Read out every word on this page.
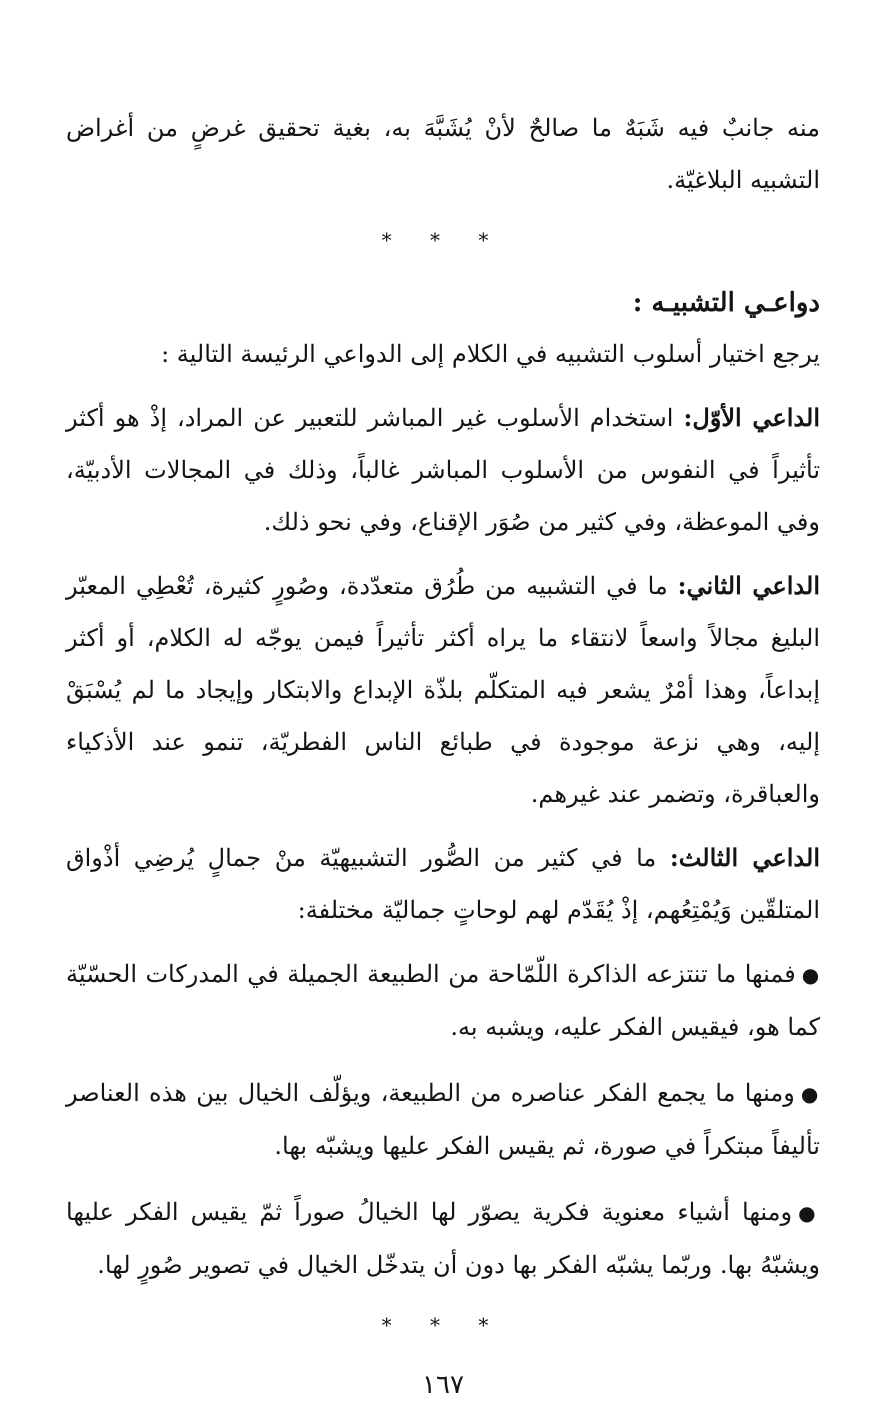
منه جانبٌ فيه شَبَهٌ ما صالحٌ لأنْ يُشَبَّهَ به، بغية تحقيق غرضٍ من أغراض التشبيه البلاغيّة.

* * *
دواعـي التشبيـه :

يرجع اختيار أسلوب التشبيه في الكلام إلى الدواعي الرئيسة التالية :

الداعي الأوّل: استخدام الأسلوب غير المباشر للتعبير عن المراد، إذْ هو أكثر تأثيراً في النفوس من الأسلوب المباشر غالباً، وذلك في المجالات الأدبيّة، وفي الموعظة، وفي كثير من صُوَر الإقناع، وفي نحو ذلك.

الداعي الثاني: ما في التشبيه من طُرُق متعدّدة، وصُورٍ كثيرة، تُعْطِي المعبّر البليغ مجالاً واسعاً لانتقاء ما يراه أكثر تأثيراً فيمن يوجّه له الكلام، أو أكثر إبداعاً، وهذا أمْرٌ يشعر فيه المتكلّم بلذّة الإبداع والابتكار وإيجاد ما لم يُسْبَقْ إليه، وهي نزعة موجودة في طبائع الناس الفطريّة، تنمو عند الأذكياء والعباقرة، وتضمر عند غيرهم.

الداعي الثالث: ما في كثير من الصُّور التشبيهيّة منْ جمالٍ يُرضِي أذْواق المتلقّين وَيُمْتِعُهم، إذْ يُقَدّم لهم لوحاتٍ جماليّة مختلفة:

●فمنها ما تنتزعه الذاكرة اللّمّاحة من الطبيعة الجميلة في المدركات الحسّيّة كما هو، فيقيس الفكر عليه، ويشبه به.

●ومنها ما يجمع الفكر عناصره من الطبيعة، ويؤلّف الخيال بين هذه العناصر تأليفاً مبتكراً في صورة، ثم يقيس الفكر عليها ويشبّه بها.

●ومنها أشياء معنوية فكرية يصوّر لها الخيالُ صوراً ثمّ يقيس الفكر عليها ويشبّهُ بها. وربّما يشبّه الفكر بها دون أن يتدخّل الخيال في تصوير صُورٍ لها.

* * *
١٦٧
